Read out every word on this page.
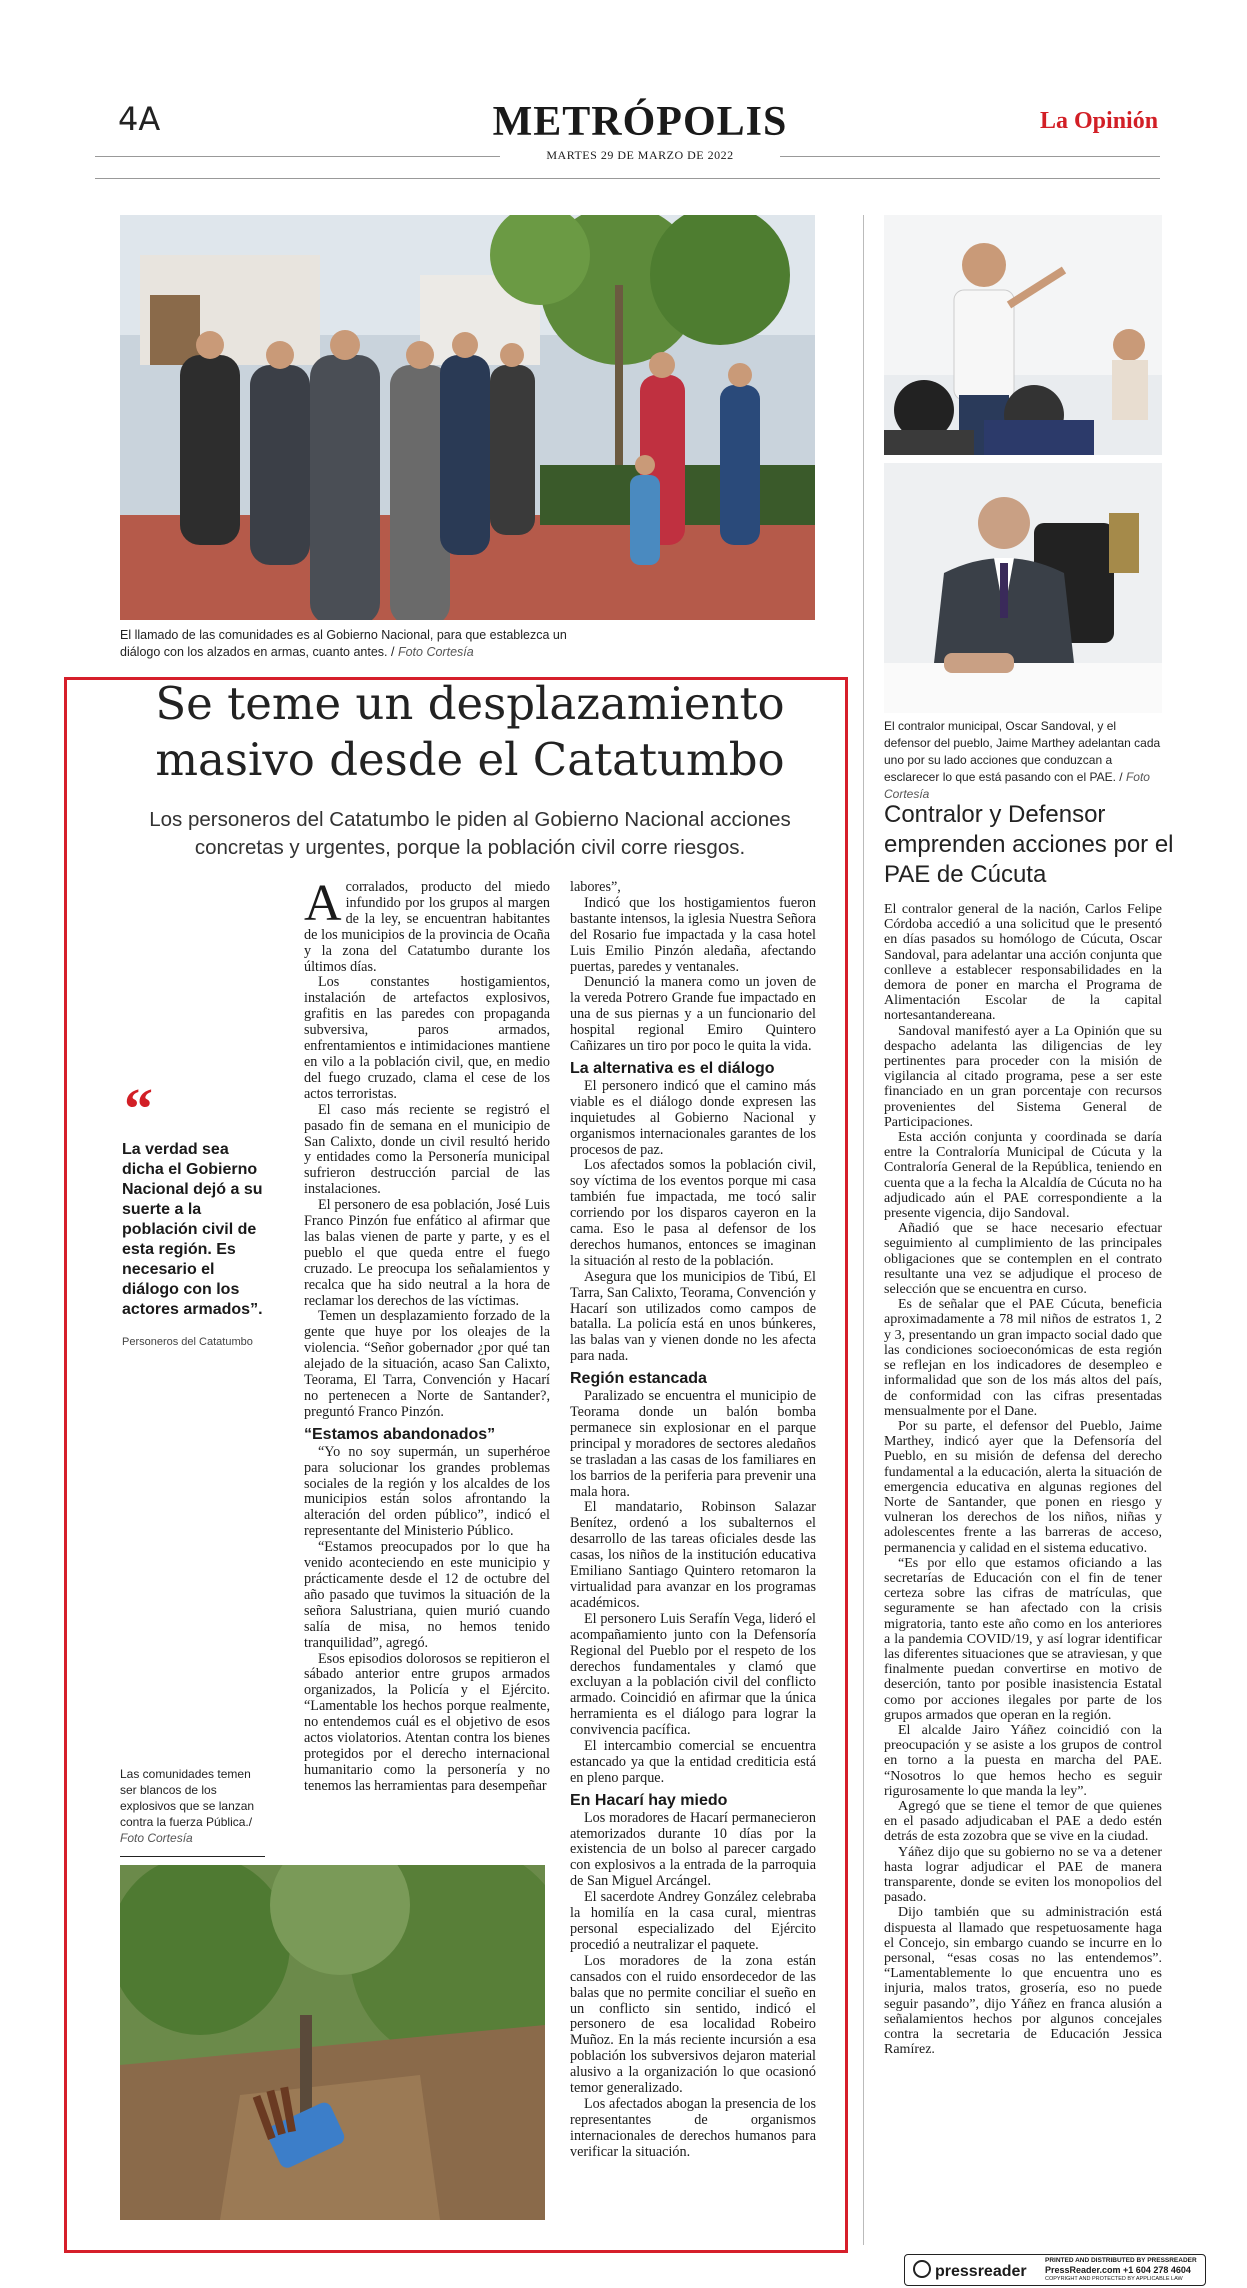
4A	METRÓPOLIS	La Opinión
MARTES 29 DE MARZO DE 2022
El llamado de las comunidades es al Gobierno Nacional, para que establezca un diálogo con los alzados en armas, cuanto antes. / Foto Cortesía
Se teme un desplazamiento masivo desde el Catatumbo
Los personeros del Catatumbo le piden al Gobierno Nacional acciones concretas y urgentes, porque la población civil corre riesgos.
“
La verdad sea dicha el Gobierno Nacional dejó a su suerte a la población civil de esta región. Es necesario el diálogo con los actores armados”.
Personeros del Catatumbo
Las comunidades temen ser blancos de los explosivos que se lanzan contra la fuerza Pública./ Foto Cortesía
A corralados, producto del miedo infundido por los grupos al margen de la ley, se encuentran habitantes de los municipios de la provincia de Ocaña y la zona del Catatumbo durante los últimos días.

Los constantes hostigamientos, instalación de artefactos explosivos, grafitis en las paredes con propaganda subversiva, paros armados, enfrentamientos e intimidaciones mantiene en vilo a la población civil, que, en medio del fuego cruzado, clama el cese de los actos terroristas.

El caso más reciente se registró el pasado fin de semana en el municipio de San Calixto, donde un civil resultó herido y entidades como la Personería municipal sufrieron destrucción parcial de las instalaciones.

El personero de esa población, José Luis Franco Pinzón fue enfático al afirmar que las balas vienen de parte y parte, y es el pueblo el que queda entre el fuego cruzado. Le preocupa los señalamientos y recalca que ha sido neutral a la hora de reclamar los derechos de las víctimas.

Temen un desplazamiento forzado de la gente que huye por los oleajes de la violencia. “Señor gobernador ¿por qué tan alejado de la situación, acaso San Calixto, Teorama, El Tarra, Convención y Hacarí no pertenecen a Norte de Santander?, preguntó Franco Pinzón.

“Estamos abandonados”

“Yo no soy supermán, un superhéroe para solucionar los grandes problemas sociales de la región y los alcaldes de los municipios están solos afrontando la alteración del orden público”, indicó el representante del Ministerio Público.

“Estamos preocupados por lo que ha venido aconteciendo en este municipio y prácticamente desde el 12 de octubre del año pasado que tuvimos la situación de la señora Salustriana, quien murió cuando salía de misa, no hemos tenido tranquilidad”, agregó.

Esos episodios dolorosos se repitieron el sábado anterior entre grupos armados organizados, la Policía y el Ejército. “Lamentable los hechos porque realmente, no entendemos cuál es el objetivo de esos actos violatorios. Atentan contra los bienes protegidos por el derecho internacional humanitario como la personería y no tenemos las herramientas para desempeñar

labores”,

Indicó que los hostigamientos fueron bastante intensos, la iglesia Nuestra Señora del Rosario fue impactada y la casa hotel Luis Emilio Pinzón aledaña, afectando puertas, paredes y ventanales.

Denunció la manera como un joven de la vereda Potrero Grande fue impactado en una de sus piernas y a un funcionario del hospital regional Emiro Quintero Cañizares un tiro por poco le quita la vida.

La alternativa es el diálogo

El personero indicó que el camino más viable es el diálogo donde expresen las inquietudes al Gobierno Nacional y organismos internacionales garantes de los procesos de paz.

Los afectados somos la población civil, soy víctima de los eventos porque mi casa también fue impactada, me tocó salir corriendo por los disparos cayeron en la cama. Eso le pasa al defensor de los derechos humanos, entonces se imaginan la situación al resto de la población.

Asegura que los municipios de Tibú, El Tarra, San Calixto, Teorama, Convención y Hacarí son utilizados como campos de batalla. La policía está en unos búnkeres, las balas van y vienen donde no les afecta para nada.

Región estancada

Paralizado se encuentra el municipio de Teorama donde un balón bomba permanece sin explosionar en el parque principal y moradores de sectores aledaños se trasladan a las casas de los familiares en los barrios de la periferia para prevenir una mala hora.

El mandatario, Robinson Salazar Benítez, ordenó a los subalternos el desarrollo de las tareas oficiales desde las casas, los niños de la institución educativa Emiliano Santiago Quintero retomaron la virtualidad para avanzar en los programas académicos.

El personero Luis Serafín Vega, lideró el acompañamiento junto con la Defensoría Regional del Pueblo por el respeto de los derechos fundamentales y clamó que excluyan a la población civil del conflicto armado. Coincidió en afirmar que la única herramienta es el diálogo para lograr la convivencia pacífica.

El intercambio comercial se encuentra estancado ya que la entidad crediticia está en pleno parque.

En Hacarí hay miedo

Los moradores de Hacarí permanecieron atemorizados durante 10 días por la existencia de un bolso al parecer cargado con explosivos a la entrada de la parroquia de San Miguel Arcángel.

El sacerdote Andrey González celebraba la homilía en la casa cural, mientras personal especializado del Ejército procedió a neutralizar el paquete.

Los moradores de la zona están cansados con el ruido ensordecedor de las balas que no permite conciliar el sueño en un conflicto sin sentido, indicó el personero de esa localidad Robeiro Muñoz. En la más reciente incursión a esa población los subversivos dejaron material alusivo a la organización lo que ocasionó temor generalizado.

Los afectados abogan la presencia de los representantes de organismos internacionales de derechos humanos para verificar la situación.

El contralor municipal, Oscar Sandoval, y el defensor del pueblo, Jaime Marthey adelantan cada uno por su lado acciones que conduzcan a esclarecer lo que está pasando con el PAE. / Foto Cortesía
Contralor y Defensor emprenden acciones por el PAE de Cúcuta

El contralor general de la nación, Carlos Felipe Córdoba accedió a una solicitud que le presentó en días pasados su homólogo de Cúcuta, Oscar Sandoval, para adelantar una acción conjunta que conlleve a establecer responsabilidades en la demora de poner en marcha el Programa de Alimentación Escolar de la capital nortesantandereana.

Sandoval manifestó ayer a La Opinión que su despacho adelanta las diligencias de ley pertinentes para proceder con la misión de vigilancia al citado programa, pese a ser este financiado en un gran porcentaje con recursos provenientes del Sistema General de Participaciones.

Esta acción conjunta y coordinada se daría entre la Contraloría Municipal de Cúcuta y la Contraloría General de la República, teniendo en cuenta que a la fecha la Alcaldía de Cúcuta no ha adjudicado aún el PAE correspondiente a la presente vigencia, dijo Sandoval.

Añadió que se hace necesario efectuar seguimiento al cumplimiento de las principales obligaciones que se contemplen en el contrato resultante una vez se adjudique el proceso de selección que se encuentra en curso.

Es de señalar que el PAE Cúcuta, beneficia aproximadamente a 78 mil niños de estratos 1, 2 y 3, presentando un gran impacto social dado que las condiciones socioeconómicas de esta región se reflejan en los indicadores de desempleo e informalidad que son de los más altos del país, de conformidad con las cifras presentadas mensualmente por el Dane.

Por su parte, el defensor del Pueblo, Jaime Marthey, indicó ayer que la Defensoría del Pueblo, en su misión de defensa del derecho fundamental a la educación, alerta la situación de emergencia educativa en algunas regiones del Norte de Santander, que ponen en riesgo y vulneran los derechos de los niños, niñas y adolescentes frente a las barreras de acceso, permanencia y calidad en el sistema educativo.

“Es por ello que estamos oficiando a las secretarías de Educación con el fin de tener certeza sobre las cifras de matrículas, que seguramente se han afectado con la crisis migratoria, tanto este año como en los anteriores a la pandemia COVID/19, y así lograr identificar las diferentes situaciones que se atraviesan, y que finalmente puedan convertirse en motivo de deserción, tanto por posible inasistencia Estatal como por acciones ilegales por parte de los grupos armados que operan en la región.

El alcalde Jairo Yáñez coincidió con la preocupación y se asiste a los grupos de control en torno a la puesta en marcha del PAE. “Nosotros lo que hemos hecho es seguir rigurosamente lo que manda la ley”.

Agregó que se tiene el temor de que quienes en el pasado adjudicaban el PAE a dedo estén detrás de esta zozobra que se vive en la ciudad.

Yáñez dijo que su gobierno no se va a detener hasta lograr adjudicar el PAE de manera transparente, donde se eviten los monopolios del pasado.

Dijo también que su administración está dispuesta al llamado que respetuosamente haga el Concejo, sin embargo cuando se incurre en lo personal, “esas cosas no las entendemos”. “Lamentablemente lo que encuentra uno es injuria, malos tratos, grosería, eso no puede seguir pasando”, dijo Yáñez en franca alusión a señalamientos hechos por algunos concejales contra la secretaria de Educación Jessica Ramírez.

pressreader
PRINTED AND DISTRIBUTED BY PRESSREADER
PressReader.com +1 604 278 4604
COPYRIGHT AND PROTECTED BY APPLICABLE LAW
